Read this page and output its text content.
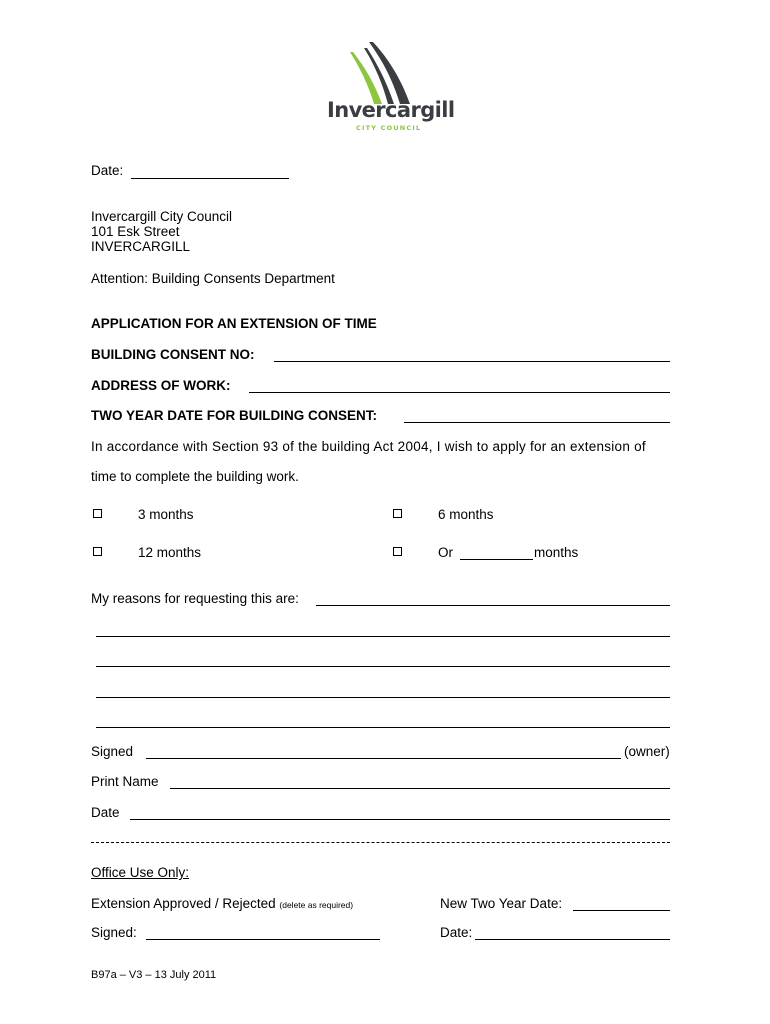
Invercargill
CITY COUNCIL
Date:
Invercargill City Council
101 Esk Street
INVERCARGILL
Attention: Building Consents Department
APPLICATION FOR AN EXTENSION OF TIME
BUILDING CONSENT NO:
ADDRESS OF WORK:
TWO YEAR DATE FOR BUILDING CONSENT:
In accordance with Section 93 of the building Act 2004, I wish to apply for an extension of
time to complete the building work.
3 months	6 months
12 months	Or	months
My reasons for requesting this are:
Signed	(owner)
Print Name
Date
Office Use Only:
Extension Approved / Rejected (delete as required)	New Two Year Date:
Signed:	Date:
B97a – V3 – 13 July 2011
